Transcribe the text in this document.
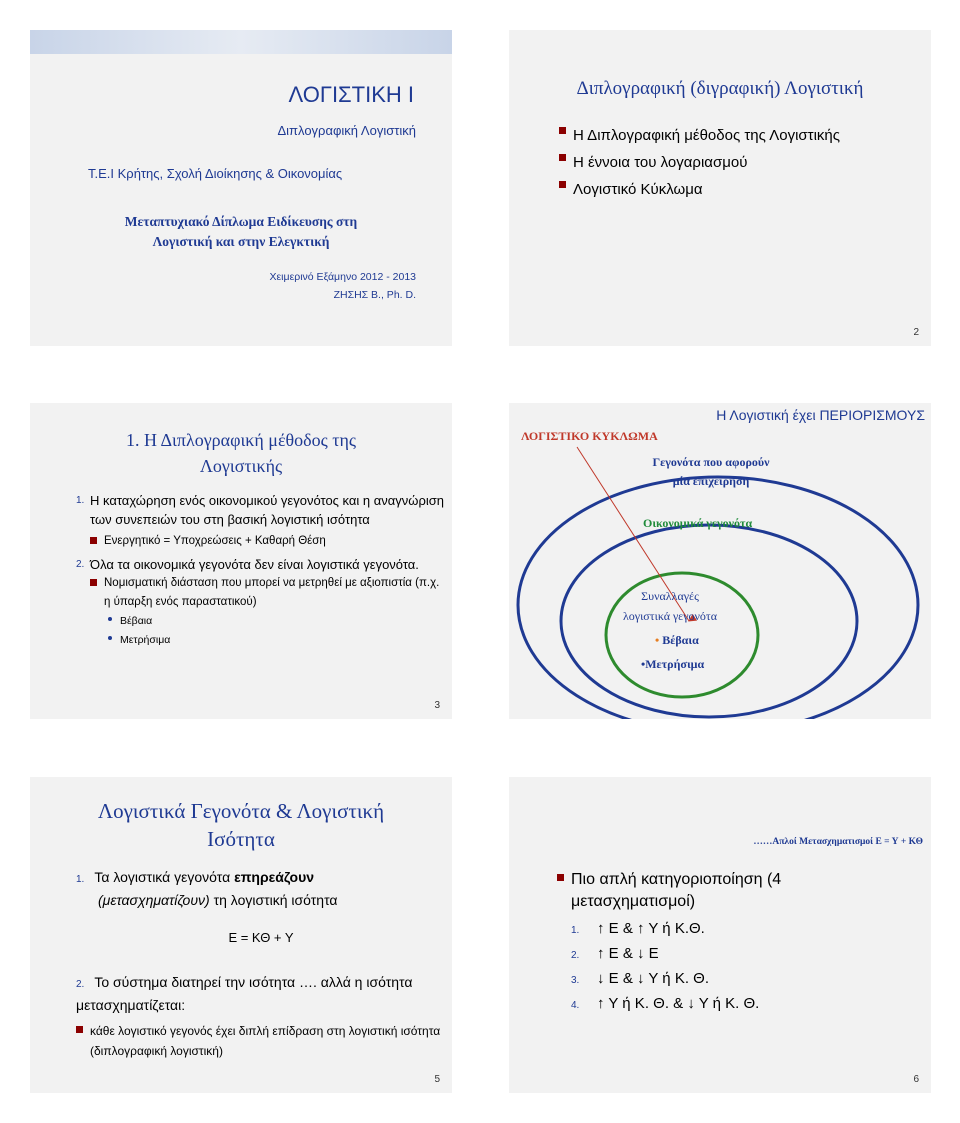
ΛΟΓΙΣΤΙΚΗ Ι
Διπλογραφική Λογιστική
Τ.Ε.Ι Κρήτης, Σχολή Διοίκησης & Οικονομίας
Μεταπτυχιακό Δίπλωμα Ειδίκευσης στη
Λογιστική και στην Ελεγκτική
Χειμερινό Εξάμηνο 2012 - 2013
ΖΗΣΗΣ Β., Ph. D.
Διπλογραφική (διγραφική) Λογιστική
Η Διπλογραφική μέθοδος της Λογιστικής
Η έννοια του λογαριασμού
Λογιστικό Κύκλωμα
2
1. Η Διπλογραφική μέθοδος της
Λογιστικής
1. Η καταχώρηση ενός οικονομικού γεγονότος και η αναγνώριση των συνεπειών του στη βασική λογιστική ισότητα
Ενεργητικό = Υποχρεώσεις + Καθαρή Θέση
2. Όλα τα οικονομικά γεγονότα δεν είναι λογιστικά γεγονότα.
Νομισματική διάσταση που μπορεί να μετρηθεί με αξιοπιστία (π.χ. η ύπαρξη ενός παραστατικού)
Βέβαια
Μετρήσιμα
3
Η Λογιστική έχει ΠΕΡΙΟΡΙΣΜΟΥΣ
ΛΟΓΙΣΤΙΚΟ ΚΥΚΛΩΜΑ
Γεγονότα που αφορούν
μία επιχείρηση
Οικονομικά γεγονότα
Συναλλαγές
λογιστικά γεγονότα
• Βέβαια
•Μετρήσιμα
Λογιστικά Γεγονότα & Λογιστική
Ισότητα
1. Τα λογιστικά γεγονότα επηρεάζουν
(μετασχηματίζουν) τη λογιστική ισότητα
Ε = ΚΘ + Υ
2. Το σύστημα διατηρεί την ισότητα …. αλλά η ισότητα μετασχηματίζεται:
κάθε λογιστικό γεγονός έχει διπλή επίδραση στη λογιστική ισότητα (διπλογραφική λογιστική)
5
……Απλοί Μετασχηματισμοί Ε = Υ + ΚΘ
Πιο απλή κατηγοριοποίηση (4 μετασχηματισμοί)
1. ↑ Ε & ↑ Υ ή Κ.Θ.
2. ↑ Ε & ↓ Ε
3. ↓ Ε & ↓ Υ ή Κ. Θ.
4. ↑ Υ ή Κ. Θ. & ↓ Υ ή Κ. Θ.
6
